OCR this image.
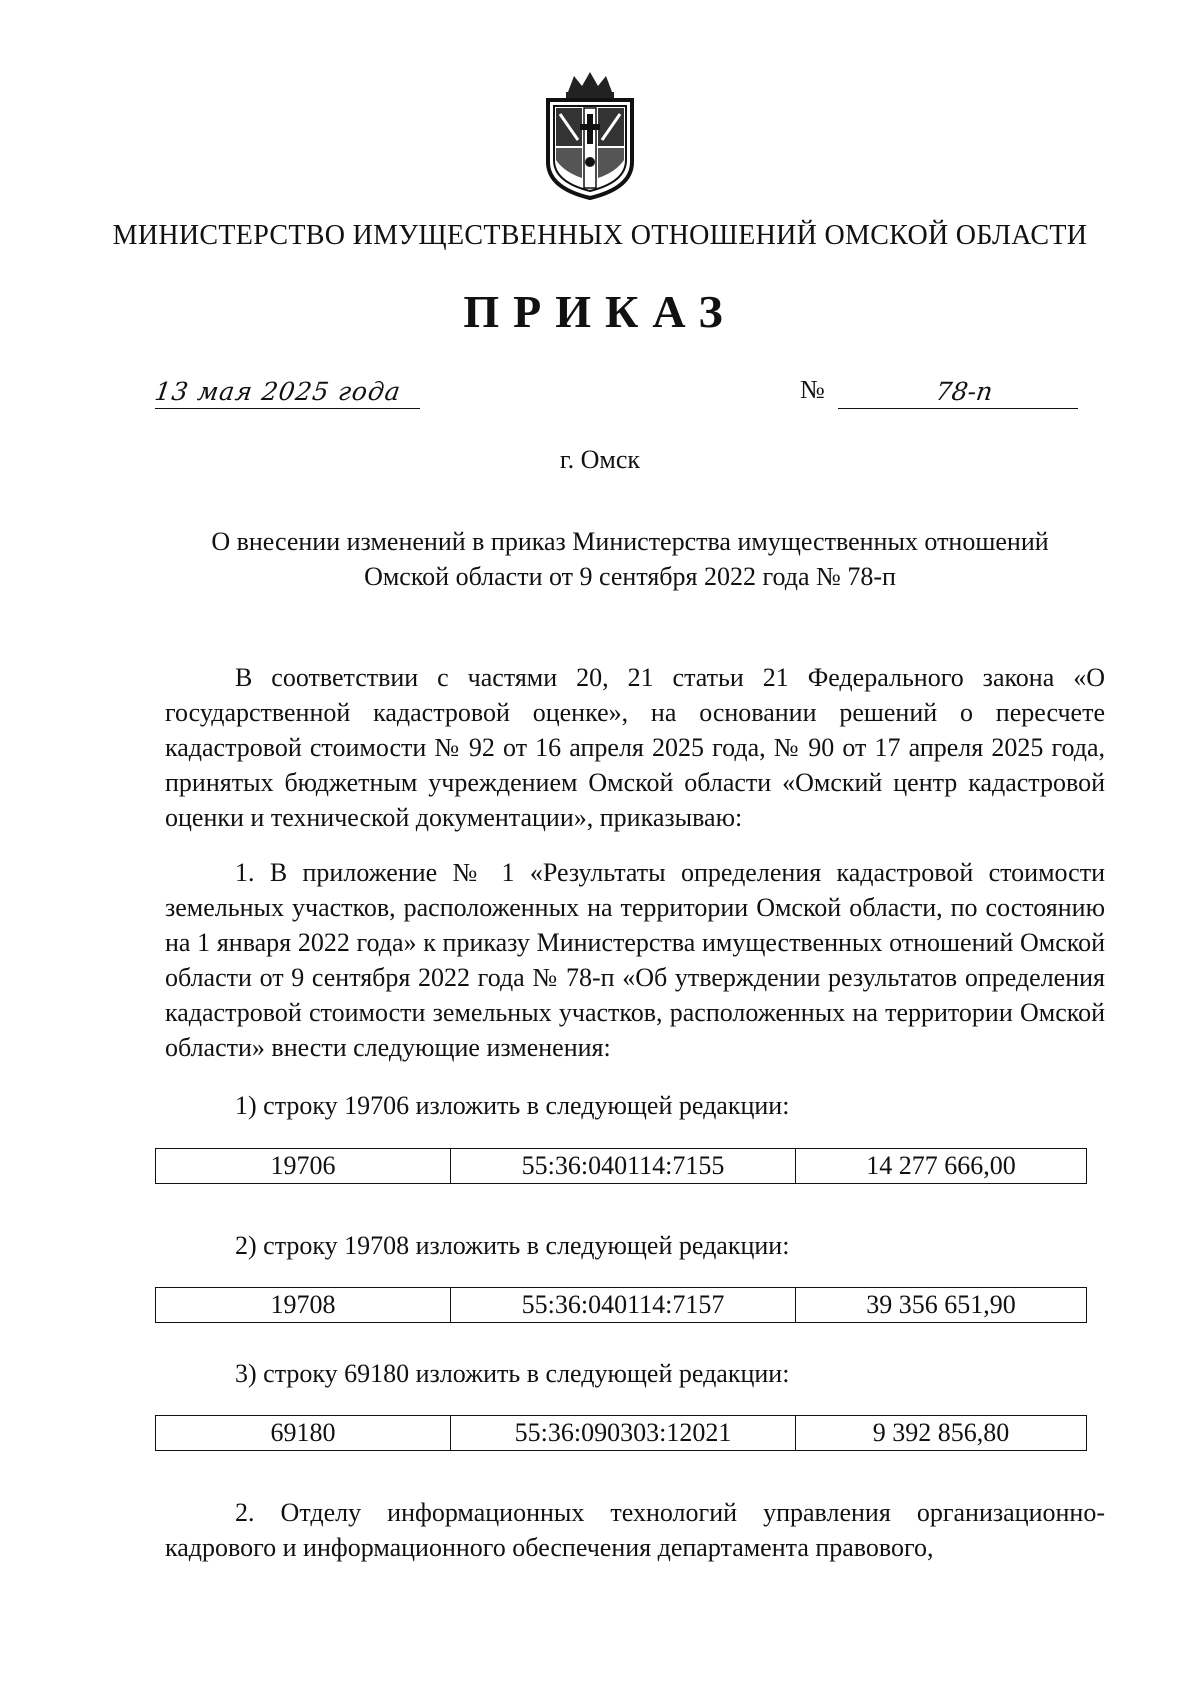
МИНИСТЕРСТВО ИМУЩЕСТВЕННЫХ ОТНОШЕНИЙ ОМСКОЙ ОБЛАСТИ
ПРИКАЗ
13 мая 2025 года	№	78-п
г. Омск
О внесении изменений в приказ Министерства имущественных отношений
Омской области от 9 сентября 2022 года № 78-п
В соответствии с частями 20, 21 статьи 21 Федерального закона «О государственной кадастровой оценке», на основании решений о пересчете кадастровой стоимости № 92 от 16 апреля 2025 года, № 90 от 17 апреля 2025 года, принятых бюджетным учреждением Омской области «Омский центр кадастровой оценки и технической документации», приказываю:
1. В приложение № 1 «Результаты определения кадастровой стоимости земельных участков, расположенных на территории Омской области, по состоянию на 1 января 2022 года» к приказу Министерства имущественных отношений Омской области от 9 сентября 2022 года № 78-п «Об утверждении результатов определения кадастровой стоимости земельных участков, расположенных на территории Омской области» внести следующие изменения:
1) строку 19706 изложить в следующей редакции:
19706	55:36:040114:7155	14 277 666,00
2) строку 19708 изложить в следующей редакции:
19708	55:36:040114:7157	39 356 651,90
3) строку 69180 изложить в следующей редакции:
69180	55:36:090303:12021	9 392 856,80
2. Отделу информационных технологий управления организационно-кадрового и информационного обеспечения департамента правового,
